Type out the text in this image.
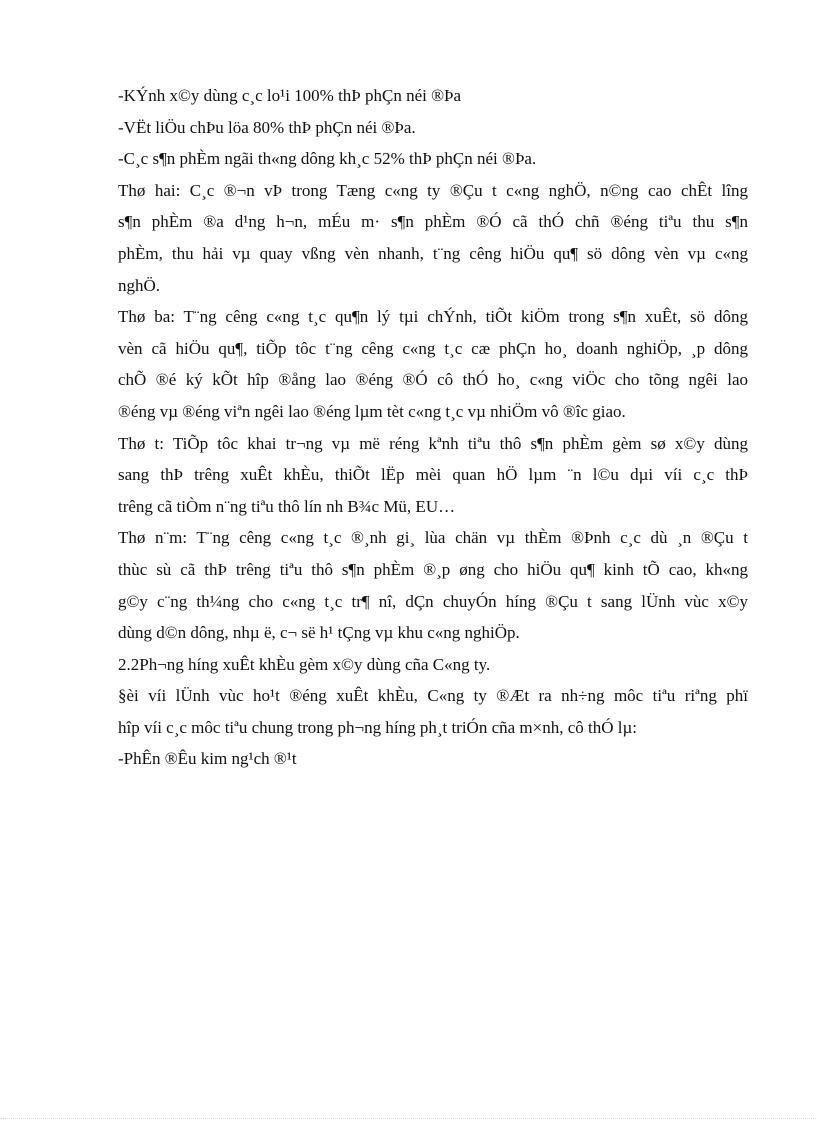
-KÝnh x©y dùng c¸c lo¹i 100% thÞ phÇn néi ®Þa
-VËt liÖu chÞu löa 80% thÞ phÇn néi ®Þa.
-C¸c s¶n phÈm ngãi th«ng dông kh¸c 52% thÞ phÇn néi ®Þa.
Thø hai: C¸c ®¬n vÞ trong Tæng c«ng ty ®Çu t c«ng nghÖ, n©ng cao chÊt lîng
s¶n phÈm ®a d¹ng h¬n, mÉu m· s¶n phÈm ®Ó cã thÓ chñ ®éng tiªu thu s¶n
phÈm, thu hải vµ quay vßng vèn nhanh, t¨ng cêng hiÖu qu¶ sö dông vèn vµ c«ng
nghÖ.
Thø ba: T¨ng cêng c«ng t¸c qu¶n lý tµi chÝnh, tiÕt kiÖm trong s¶n xuÊt, sö dông
vèn cã hiÖu qu¶, tiÕp tôc t¨ng cêng c«ng t¸c cæ phÇn ho¸ doanh nghiÖp, ¸p dông
chÕ ®é ký kÕt hîp ®ång lao ®éng ®Ó cô thÓ ho¸ c«ng viÖc cho tõng ngêi lao
®éng vµ ®éng viªn ngêi lao ®éng lµm tèt c«ng t¸c vµ nhiÖm vô ®îc giao.
Thø t: TiÕp tôc khai tr¬ng vµ më réng kªnh tiªu thô s¶n phÈm gèm sø x©y dùng
sang thÞ trêng xuÊt khÈu, thiÕt lËp mèi quan hÖ lµm ¨n l©u dµi víi c¸c thÞ
trêng cã tiÒm n¨ng tiªu thô lín nh B¾c Mü, EU…
Thø n¨m: T¨ng cêng c«ng t¸c ®¸nh gi¸ lùa chän vµ thÈm ®Þnh c¸c dù ¸n ®Çu t
thùc sù cã thÞ trêng tiªu thô s¶n phÈm ®¸p øng cho hiÖu qu¶ kinh tÕ cao, kh«ng
g©y c¨ng th¼ng cho c«ng t¸c tr¶ nî, dÇn chuyÓn híng ®Çu t sang lÜnh vùc x©y
dùng d©n dông, nhµ ë, c¬ së h¹ tÇng vµ khu c«ng nghiÖp.
2.2Ph¬ng híng xuÊt khÈu gèm x©y dùng cña C«ng ty.
§èi víi lÜnh vùc ho¹t ®éng xuÊt khÈu, C«ng ty ®Æt ra nh÷ng môc tiªu riªng phï
hîp víi c¸c môc tiªu chung trong ph¬ng híng ph¸t triÓn cña m×nh, cô thÓ lµ:
-PhÊn ®Êu kim ng¹ch ®¹t
